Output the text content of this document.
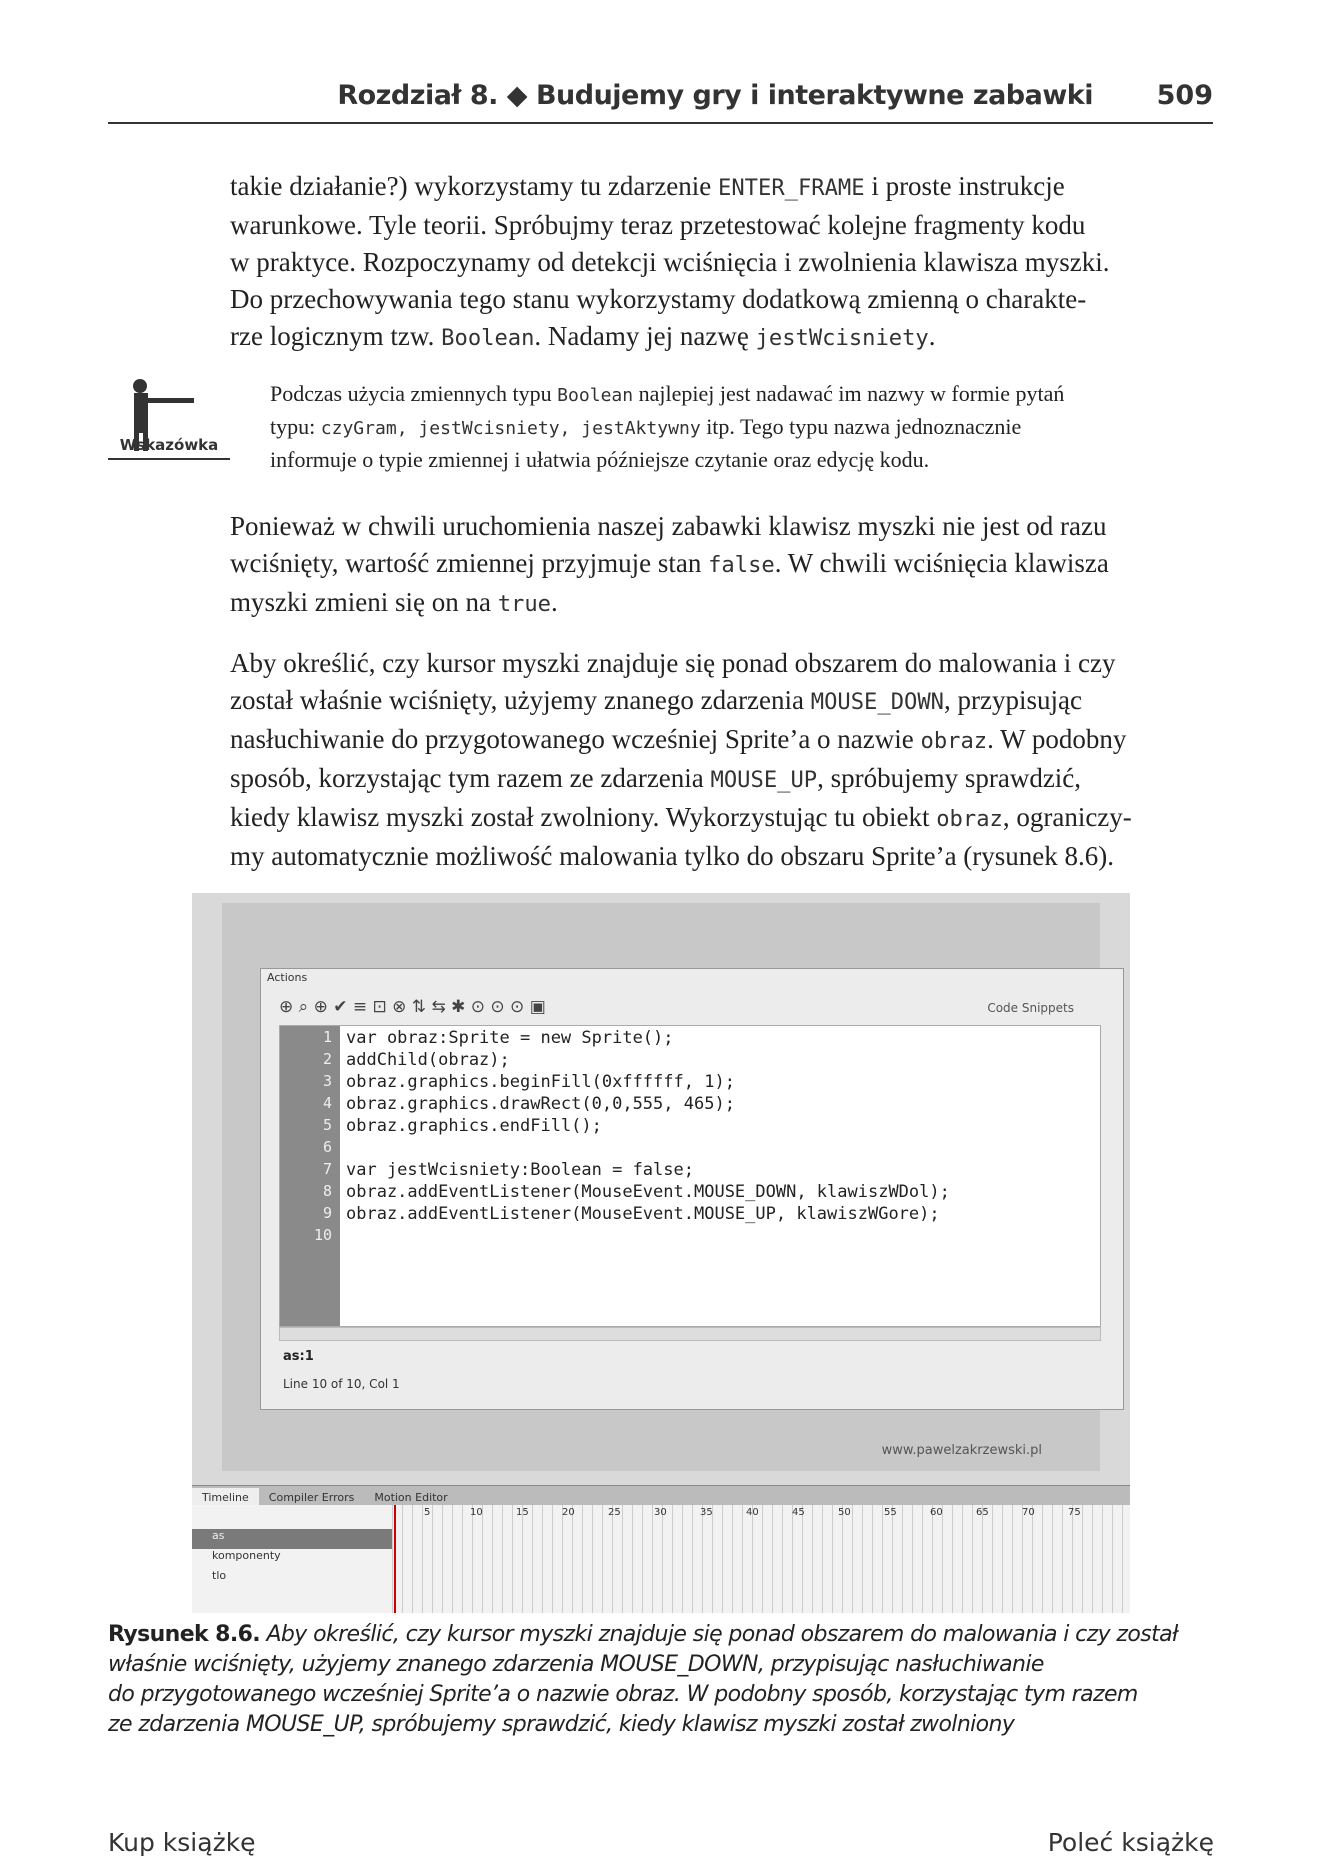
Rozdział 8. ◆ Budujemy gry i interaktywne zabawki 509
takie działanie?) wykorzystamy tu zdarzenie ENTER_FRAME i proste instrukcje
warunkowe. Tyle teorii. Spróbujmy teraz przetestować kolejne fragmenty kodu
w praktyce. Rozpoczynamy od detekcji wciśnięcia i zwolnienia klawisza myszki.
Do przechowywania tego stanu wykorzystamy dodatkową zmienną o charakte-
rze logicznym tzw. Boolean. Nadamy jej nazwę jestWcisniety.
Wskazówka
Podczas użycia zmiennych typu Boolean najlepiej jest nadawać im nazwy w formie pytań
typu: czyGram, jestWcisniety, jestAktywny itp. Tego typu nazwa jednoznacznie
informuje o typie zmiennej i ułatwia późniejsze czytanie oraz edycję kodu.
Ponieważ w chwili uruchomienia naszej zabawki klawisz myszki nie jest od razu
wciśnięty, wartość zmiennej przyjmuje stan false. W chwili wciśnięcia klawisza
myszki zmieni się on na true.
Aby określić, czy kursor myszki znajduje się ponad obszarem do malowania i czy
został właśnie wciśnięty, użyjemy znanego zdarzenia MOUSE_DOWN, przypisując
nasłuchiwanie do przygotowanego wcześniej Sprite’a o nazwie obraz. W podobny
sposób, korzystając tym razem ze zdarzenia MOUSE_UP, spróbujemy sprawdzić,
kiedy klawisz myszki został zwolniony. Wykorzystując tu obiekt obraz, ograniczy-
my automatycznie możliwość malowania tylko do obszaru Sprite’a (rysunek 8.6).
Actions
⊕ ⌕ ⊕ ✔ ≡ ⊡ ⊗ ⇅ ⇆ ✱ ⊙ ⊙ ⊙ ▣	Code Snippets
1
2
3
4
5
6
7
8
9
10
var obraz:Sprite = new Sprite();
addChild(obraz);
obraz.graphics.beginFill(0xffffff, 1);
obraz.graphics.drawRect(0,0,555, 465);
obraz.graphics.endFill();
var jestWcisniety:Boolean = false;
obraz.addEventListener(MouseEvent.MOUSE_DOWN, klawiszWDol);
obraz.addEventListener(MouseEvent.MOUSE_UP, klawiszWGore);
as:1
Line 10 of 10, Col 1
www.pawelzakrzewski.pl
Timeline Compiler Errors Motion Editor
as
komponenty
tlo
5	10	15	20	25	30	35	40	45	50	55	60	65	70	75
Rysunek 8.6. Aby określić, czy kursor myszki znajduje się ponad obszarem do malowania i czy został
właśnie wciśnięty, użyjemy znanego zdarzenia MOUSE_DOWN, przypisując nasłuchiwanie
do przygotowanego wcześniej Sprite’a o nazwie obraz. W podobny sposób, korzystając tym razem
ze zdarzenia MOUSE_UP, spróbujemy sprawdzić, kiedy klawisz myszki został zwolniony
Kup książkę	Poleć książkę
